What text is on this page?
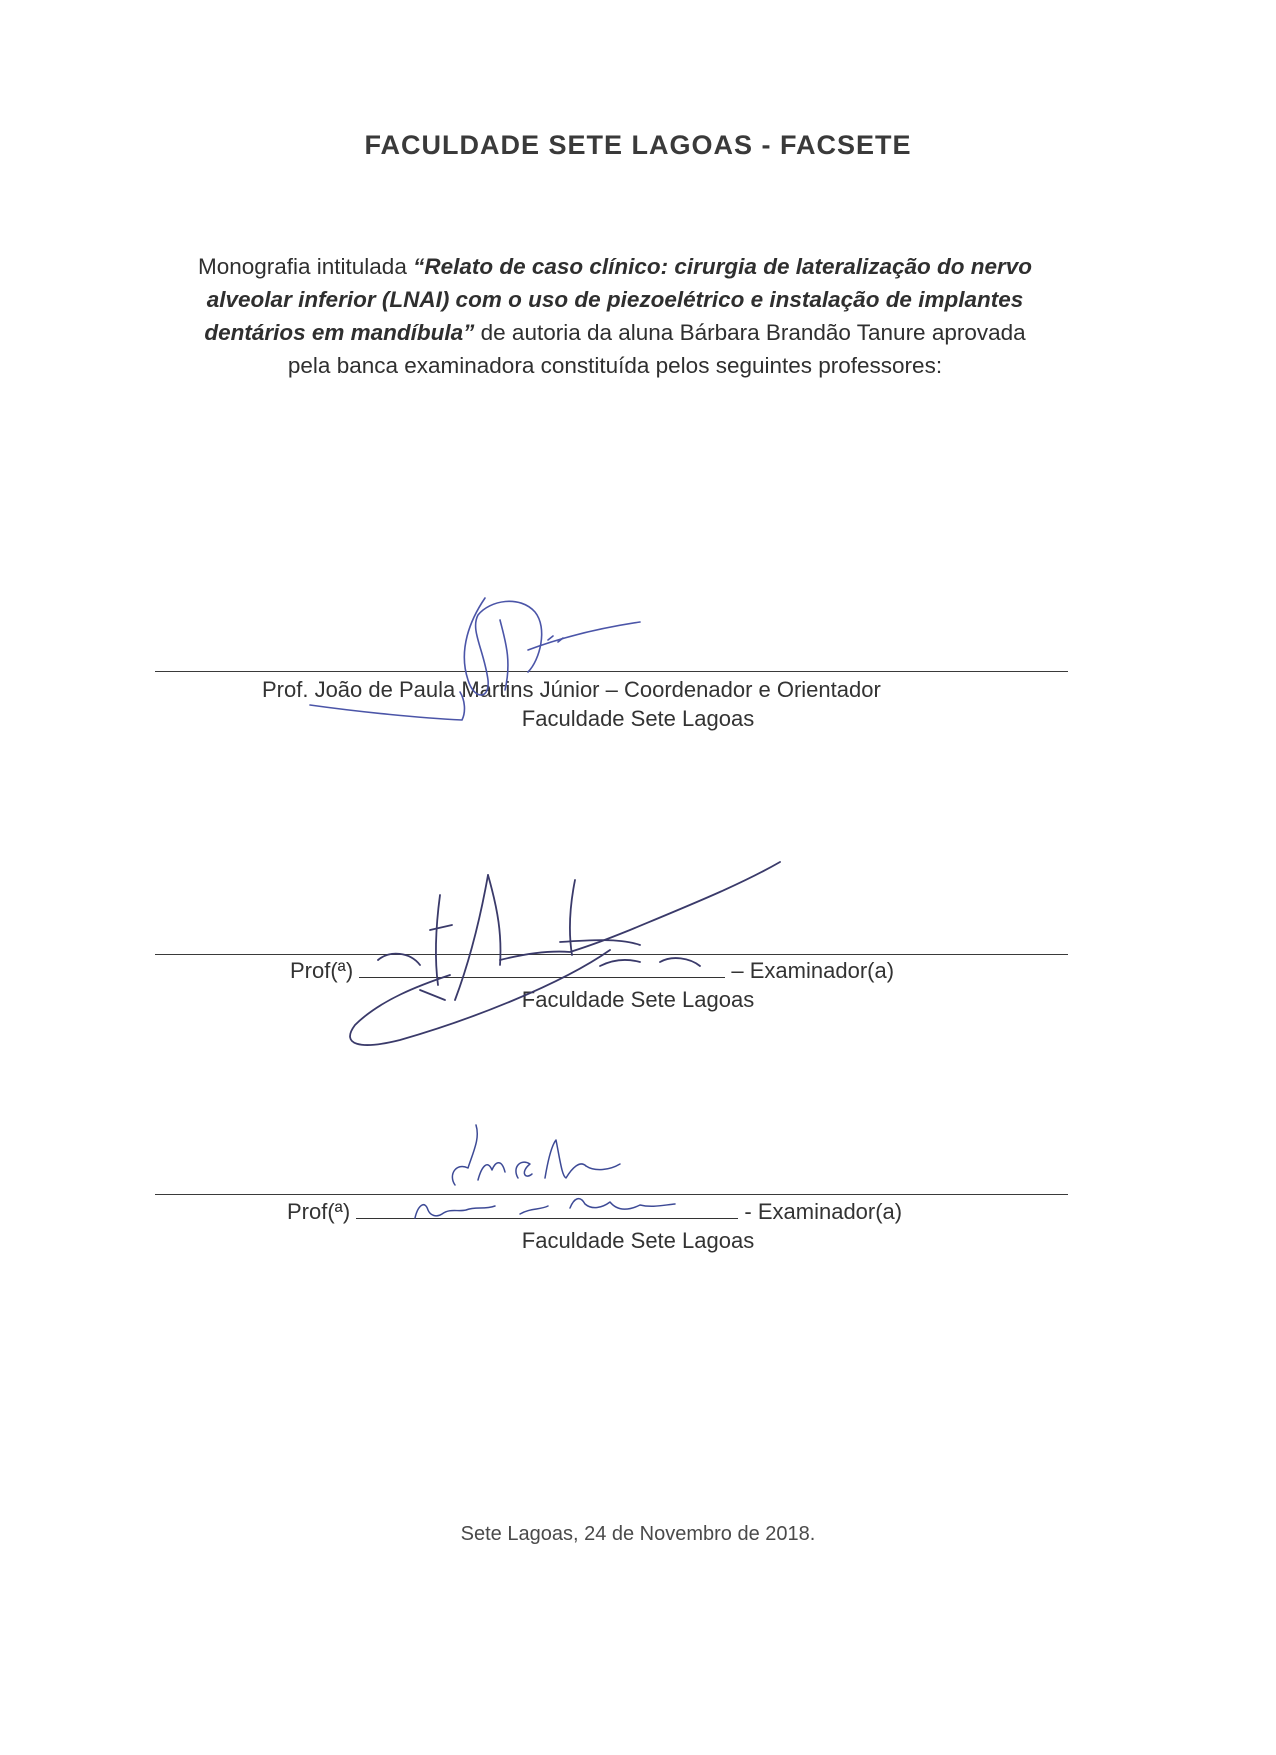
FACULDADE SETE LAGOAS - FACSETE
Monografia intitulada “Relato de caso clínico: cirurgia de lateralização do nervo alveolar inferior (LNAI) com o uso de piezoelétrico e instalação de implantes dentários em mandíbula” de autoria da aluna Bárbara Brandão Tanure aprovada pela banca examinadora constituída pelos seguintes professores:
Prof. João de Paula Martins Júnior – Coordenador e Orientador
Faculdade Sete Lagoas
Prof(ª)	– Examinador(a)
Faculdade Sete Lagoas
Prof(ª)	- Examinador(a)
Faculdade Sete Lagoas
Sete Lagoas, 24 de Novembro de 2018.
